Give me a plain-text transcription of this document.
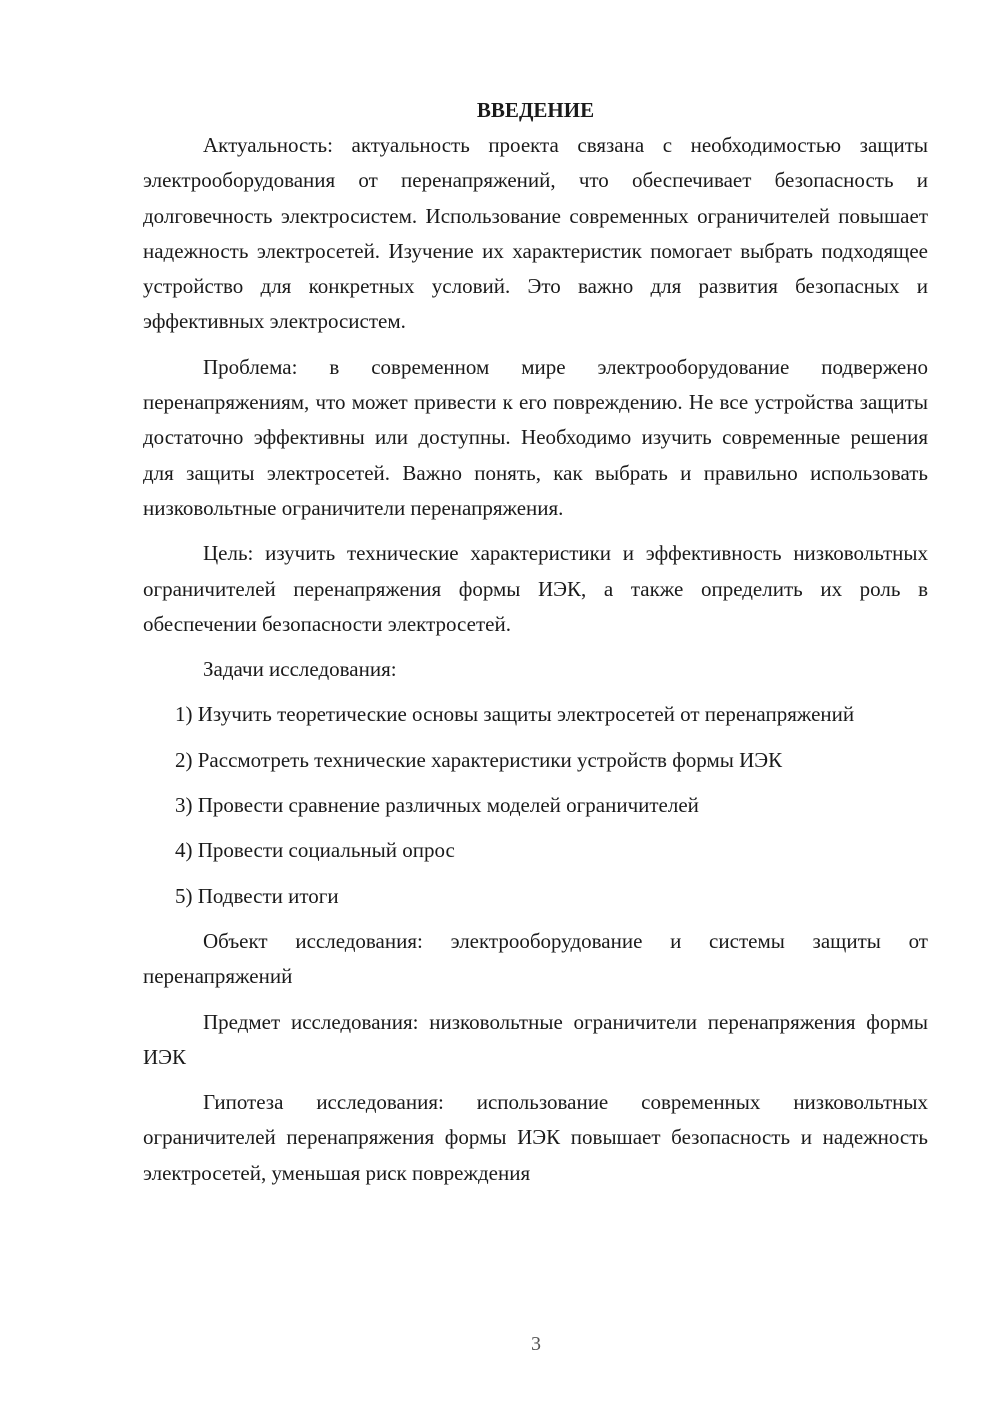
ВВЕДЕНИЕ

Актуальность: актуальность проекта связана с необходимостью защиты электрооборудования от перенапряжений, что обеспечивает безопасность и долговечность электросистем. Использование современных ограничителей повышает надежность электросетей. Изучение их характеристик помогает выбрать подходящее устройство для конкретных условий. Это важно для развития безопасных и эффективных электросистем.

Проблема: в современном мире электрооборудование подвержено перенапряжениям, что может привести к его повреждению. Не все устройства защиты достаточно эффективны или доступны. Необходимо изучить современные решения для защиты электросетей. Важно понять, как выбрать и правильно использовать низковольтные ограничители перенапряжения.

Цель: изучить технические характеристики и эффективность низковольтных ограничителей перенапряжения формы ИЭК, а также определить их роль в обеспечении безопасности электросетей.

Задачи исследования:

1) Изучить теоретические основы защиты электросетей от перенапряжений

2) Рассмотреть технические характеристики устройств формы ИЭК

3) Провести сравнение различных моделей ограничителей

4) Провести социальный опрос

5) Подвести итоги

Объект исследования: электрооборудование и системы защиты от перенапряжений

Предмет исследования: низковольтные ограничители перенапряжения формы ИЭК

Гипотеза исследования: использование современных низковольтных ограничителей перенапряжения формы ИЭК повышает безопасность и надежность электросетей, уменьшая риск повреждения

3
